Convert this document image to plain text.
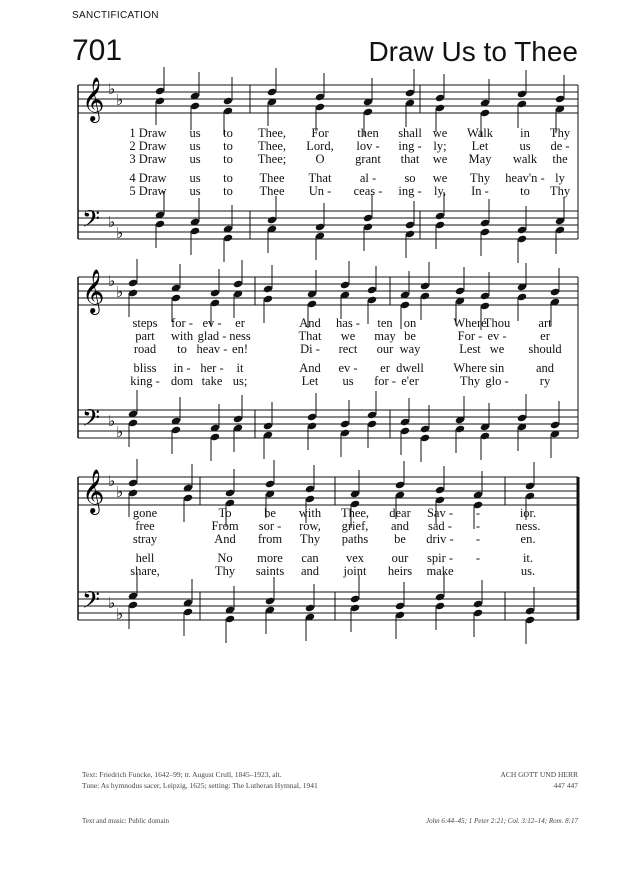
SANCTIFICATION
701	Draw Us to Thee
𝄞
𝄢
♭
♭
♭
♭
𝄞
𝄢
♭
♭
♭
♭
𝄞
𝄢
♭
♭
♭
♭
1 Draw us to Thee, For then shall we Walk in Thy
2 Draw us to Thee, Lord, lov - ing - ly; Let us de -
3 Draw us to Thee; O grant that we May walk the
4 Draw us to Thee That al - so we Thy heav'n - ly
5 Draw us to Thee Un - ceas - ing - ly, In -	to Thy
steps for - ev - er	And has - ten on	Where
Thou art
part with glad - ness	That we may be	For - ev -	er
road to heav - en!	Di - rect our way	Lest we should
bliss in - her - it	And ev - er dwell Where sin	and
king - dom take us;	Let us for - e'er	Thy glo - ry
gone	To	be with Thee, dear Sav - -	ior.
free	From sor - row, grief, and sad - -	ness.
stray	And from Thy paths be driv - -	en.
hell	No more can vex our spir - -	it.
share,	Thy saints and joint heirs make	us.
Text: Friedrich Funcke, 1642–99; tr. August Crull, 1845–1923, alt.
Tune: As hymnodus sacer, Leipzig, 1625; setting: The Lutheran Hymnal, 1941
ACH GOTT UND HERR
447 447
Text and music: Public domain	John 6:44–45; 1 Peter 2:21; Col. 3:12–14; Rom. 8:17
